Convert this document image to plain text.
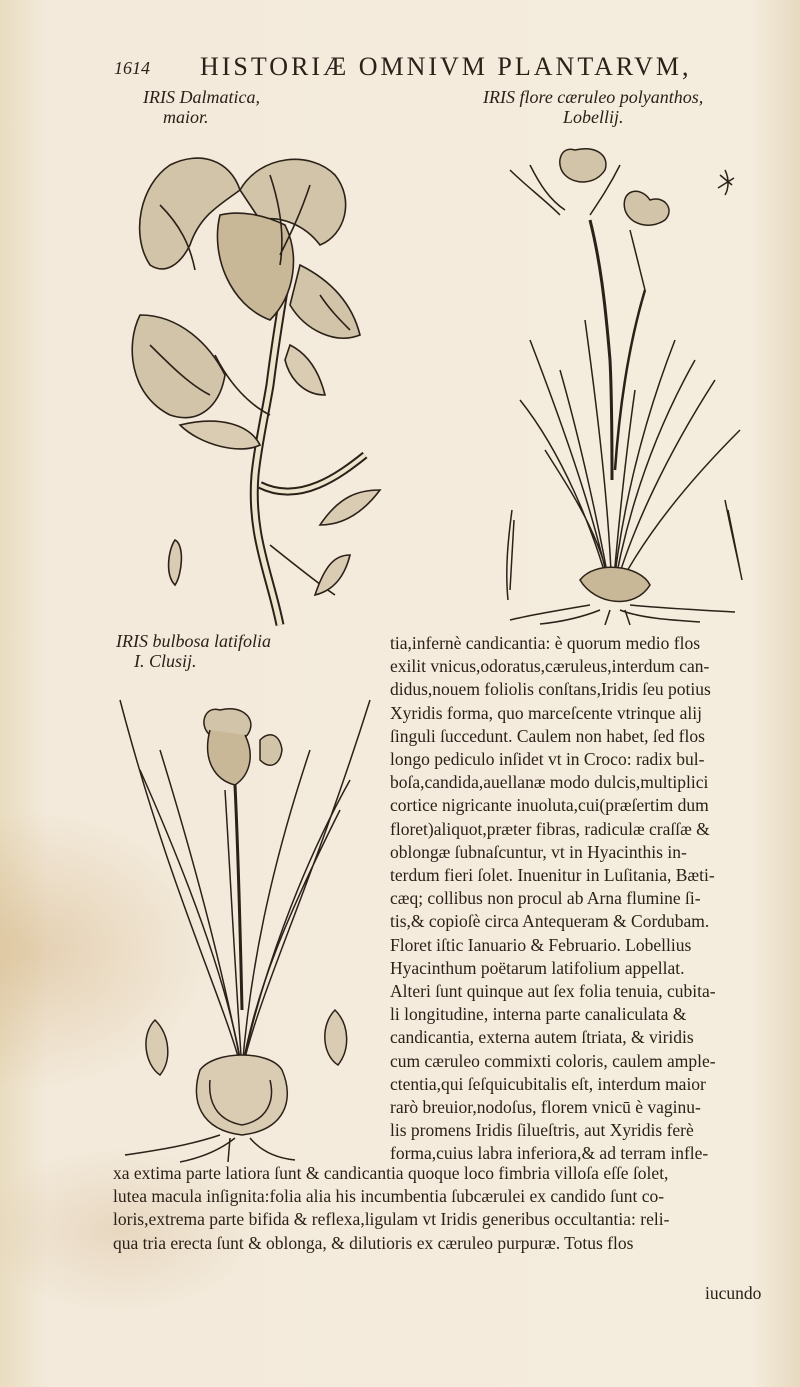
1614 HISTORIÆ OMNIVM PLANTARVM,
IRIS Dalmatica,
maior.
IRIS flore cæruleo polyanthos,
Lobellij.
IRIS bulbosa latifolia
I. Clusij.
tia,infernè candicantia: è quorum medio flos
exilit vnicus,odoratus,cæruleus,interdum can-
didus,nouem foliolis conſtans,Iridis ſeu potius
Xyridis forma, quo marceſcente vtrinque alij
ſinguli ſuccedunt. Caulem non habet, ſed flos
longo pediculo inſidet vt in Croco: radix bul-
boſa,candida,auellanæ modo dulcis,multiplici
cortice nigricante inuoluta,cui(præſertim dum
floret)aliquot,præter fibras, radiculæ craſſæ &
oblongæ ſubnaſcuntur, vt in Hyacinthis in-
terdum fieri ſolet. Inuenitur in Luſitania, Bæti-
cæq; collibus non procul ab Arna flumine ſi-
tis,& copioſè circa Antequeram & Cordubam.
Floret iſtic Ianuario & Februario. Lobellius
Hyacinthum poëtarum latifolium appellat.
Alteri ſunt quinque aut ſex folia tenuia, cubita-
li longitudine, interna parte canaliculata &
candicantia, externa autem ſtriata, & viridis
cum cæruleo commixti coloris, caulem ample-
ctentia,qui ſeſquicubitalis eſt, interdum maior
rarò breuior,nodoſus, florem vnicū è vaginu-
lis promens Iridis ſilueſtris, aut Xyridis ferè
forma,cuius labra inferiora,& ad terram infle-
xa extima parte latiora ſunt & candicantia quoque loco fimbria villoſa eſſe ſolet,
lutea macula inſignita:folia alia his incumbentia ſubcærulei ex candido ſunt co-
loris,extrema parte bifida & reflexa,ligulam vt Iridis generibus occultantia: reli-
qua tria erecta ſunt & oblonga, & dilutioris ex cæruleo purpuræ. Totus flos
iucundo
